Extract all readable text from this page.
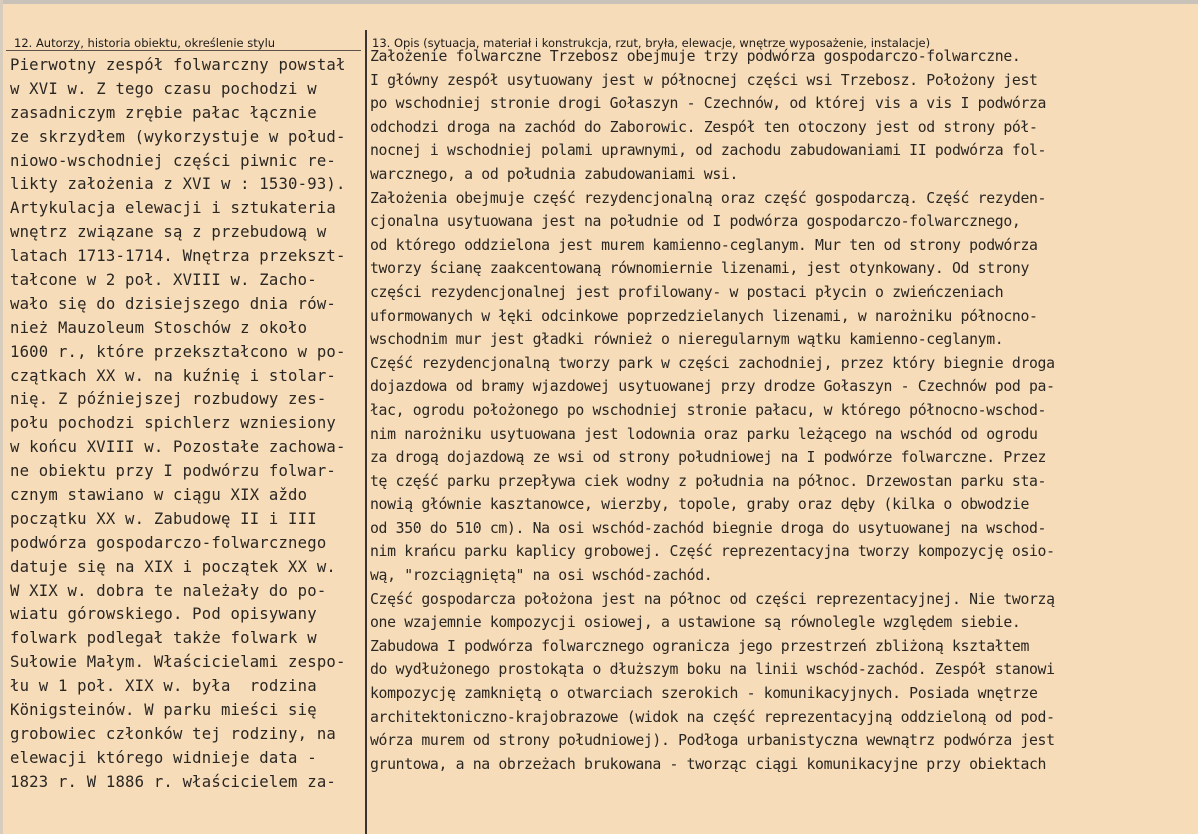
12. Autorzy, historia obiektu, określenie stylu	13. Opis (sytuacja, materiał i konstrukcja, rzut, bryła, elewacje, wnętrze wyposażenie, instalacje)
Pierwotny zespół folwarczny powstał
w XVI w. Z tego czasu pochodzi w
zasadniczym zrębie pałac łącznie
ze skrzydłem (wykorzystuje w połud-
niowo-wschodniej części piwnic re-
likty założenia z XVI w : 1530-93).
Artykulacja elewacji i sztukateria
wnętrz związane są z przebudową w
latach 1713-1714. Wnętrza przekszt-
tałcone w 2 poł. XVIII w. Zacho-
wało się do dzisiejszego dnia rów-
nież Mauzoleum Stoschów z około
1600 r., które przekształcono w po-
czątkach XX w. na kuźnię i stolar-
nię. Z późniejszej rozbudowy zes-
połu pochodzi spichlerz wzniesiony
w końcu XVIII w. Pozostałe zachowa-
ne obiektu przy I podwórzu folwar-
cznym stawiano w ciągu XIX aždo
początku XX w. Zabudowę II i III
podwórza gospodarczo-folwarcznego
datuje się na XIX i początek XX w.
W XIX w. dobra te należały do po-
wiatu górowskiego. Pod opisywany
folwark podlegał także folwark w
Sułowie Małym. Właścicielami zespo-
łu w 1 poł. XIX w. była  rodzina
Königsteinów. W parku mieści się
grobowiec członków tej rodziny, na
elewacji którego widnieje data -
1823 r. W 1886 r. właścicielem za-
Założenie folwarczne Trzebosz obejmuje trzy podwórza gospodarczo-folwarczne.
I główny zespół usytuowany jest w północnej części wsi Trzebosz. Położony jest
po wschodniej stronie drogi Gołaszyn - Czechnów, od której vis a vis I podwórza
odchodzi droga na zachód do Zaborowic. Zespół ten otoczony jest od strony pół-
nocnej i wschodniej polami uprawnymi, od zachodu zabudowaniami II podwórza fol-
warcznego, a od południa zabudowaniami wsi.
Założenia obejmuje część rezydencjonalną oraz część gospodarczą. Część rezyden-
cjonalna usytuowana jest na południe od I podwórza gospodarczo-folwarcznego,
od którego oddzielona jest murem kamienno-ceglanym. Mur ten od strony podwórza
tworzy ścianę zaakcentowaną równomiernie lizenami, jest otynkowany. Od strony
części rezydencjonalnej jest profilowany- w postaci płycin o zwieńczeniach
uformowanych w łęki odcinkowe poprzedzielanych lizenami, w narożniku północno-
wschodnim mur jest gładki również o nieregularnym wątku kamienno-ceglanym.
Część rezydencjonalną tworzy park w części zachodniej, przez który biegnie droga
dojazdowa od bramy wjazdowej usytuowanej przy drodze Gołaszyn - Czechnów pod pa-
łac, ogrodu położonego po wschodniej stronie pałacu, w którego północno-wschod-
nim narożniku usytuowana jest lodownia oraz parku leżącego na wschód od ogrodu
za drogą dojazdową ze wsi od strony południowej na I podwórze folwarczne. Przez
tę część parku przepływa ciek wodny z południa na północ. Drzewostan parku sta-
nowią głównie kasztanowce, wierzby, topole, graby oraz dęby (kilka o obwodzie
od 350 do 510 cm). Na osi wschód-zachód biegnie droga do usytuowanej na wschod-
nim krańcu parku kaplicy grobowej. Część reprezentacyjna tworzy kompozycję osio-
wą, "rozciągniętą" na osi wschód-zachód.
Część gospodarcza położona jest na północ od części reprezentacyjnej. Nie tworzą
one wzajemnie kompozycji osiowej, a ustawione są równolegle względem siebie.
Zabudowa I podwórza folwarcznego ogranicza jego przestrzeń zbliżoną kształtem
do wydłużonego prostokąta o dłuższym boku na linii wschód-zachód. Zespół stanowi
kompozycję zamkniętą o otwarciach szerokich - komunikacyjnych. Posiada wnętrze
architektoniczno-krajobrazowe (widok na część reprezentacyjną oddzieloną od pod-
wórza murem od strony południowej). Podłoga urbanistyczna wewnątrz podwórza jest
gruntowa, a na obrzeżach brukowana - tworząc ciągi komunikacyjne przy obiektach
